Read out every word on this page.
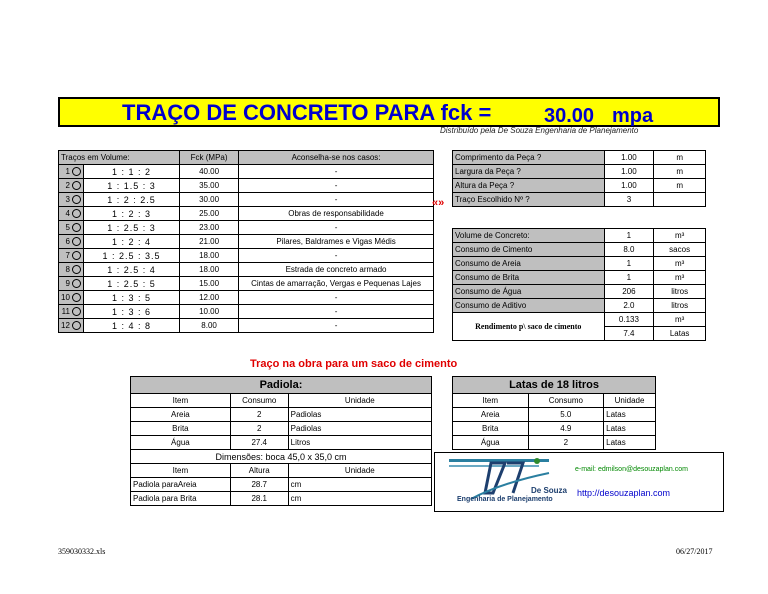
TRAÇO DE CONCRETO PARA fck =	30.00 mpa
Distribuído pela De Souza Engenharia de Planejamento
Traços em Volume:		Fck (MPa)	Aconselha-se nos casos:
1	1 : 1 : 2	40.00	-
2	1 : 1.5 : 3	35.00	-
3	1 : 2 : 2.5	30.00	-
4	1 : 2 : 3	25.00	Obras de responsabilidade
5	1 : 2.5 : 3	23.00	-
6	1 : 2 : 4	21.00	Pilares, Baldrames e Vigas Médis
7	1 : 2.5 : 3.5	18.00	-
8	1 : 2.5 : 4	18.00	Estrada de concreto armado
9	1 : 2.5 : 5	15.00	Cintas de amarração, Vergas e Pequenas Lajes
10	1 : 3 : 5	12.00	-
11	1 : 3 : 6	10.00	-
12	1 : 4 : 8	8.00	-
«»
Comprimento da Peça ?	1.00	m
Largura da Peça ?	1.00	m
Altura da Peça ?	1.00	m
Traço Escolhido Nº ?	3	
Volume de Concreto:	1	m³
Consumo de Cimento	8.0	sacos
Consumo de Areia	1	m³
Consumo de Brita	1	m³
Consumo de Água	206	litros
Consumo de Aditivo	2.0	litros
Rendimento p\ saco de cimento	0.133	m³
	7.4	Latas
Traço na obra para um saco de cimento
Padiola:		
Item	Consumo	Unidade
Areia	2	Padiolas
Brita	2	Padiolas
Água	27.4	Litros
Dimensões: boca 45,0 x 35,0 cm		
Item	Altura	Unidade
Padiola paraAreia	28.7	cm
Padiola para Brita	28.1	cm
Latas de 18 litros		
Item	Consumo	Unidade
Areia	5.0	Latas
Brita	4.9	Latas
Água	2	Latas
e-mail: edmilson@desouzaplan.com
De Souza
Engenharia de Planejamento
http://desouzaplan.com
359030332.xls	06/27/2017
